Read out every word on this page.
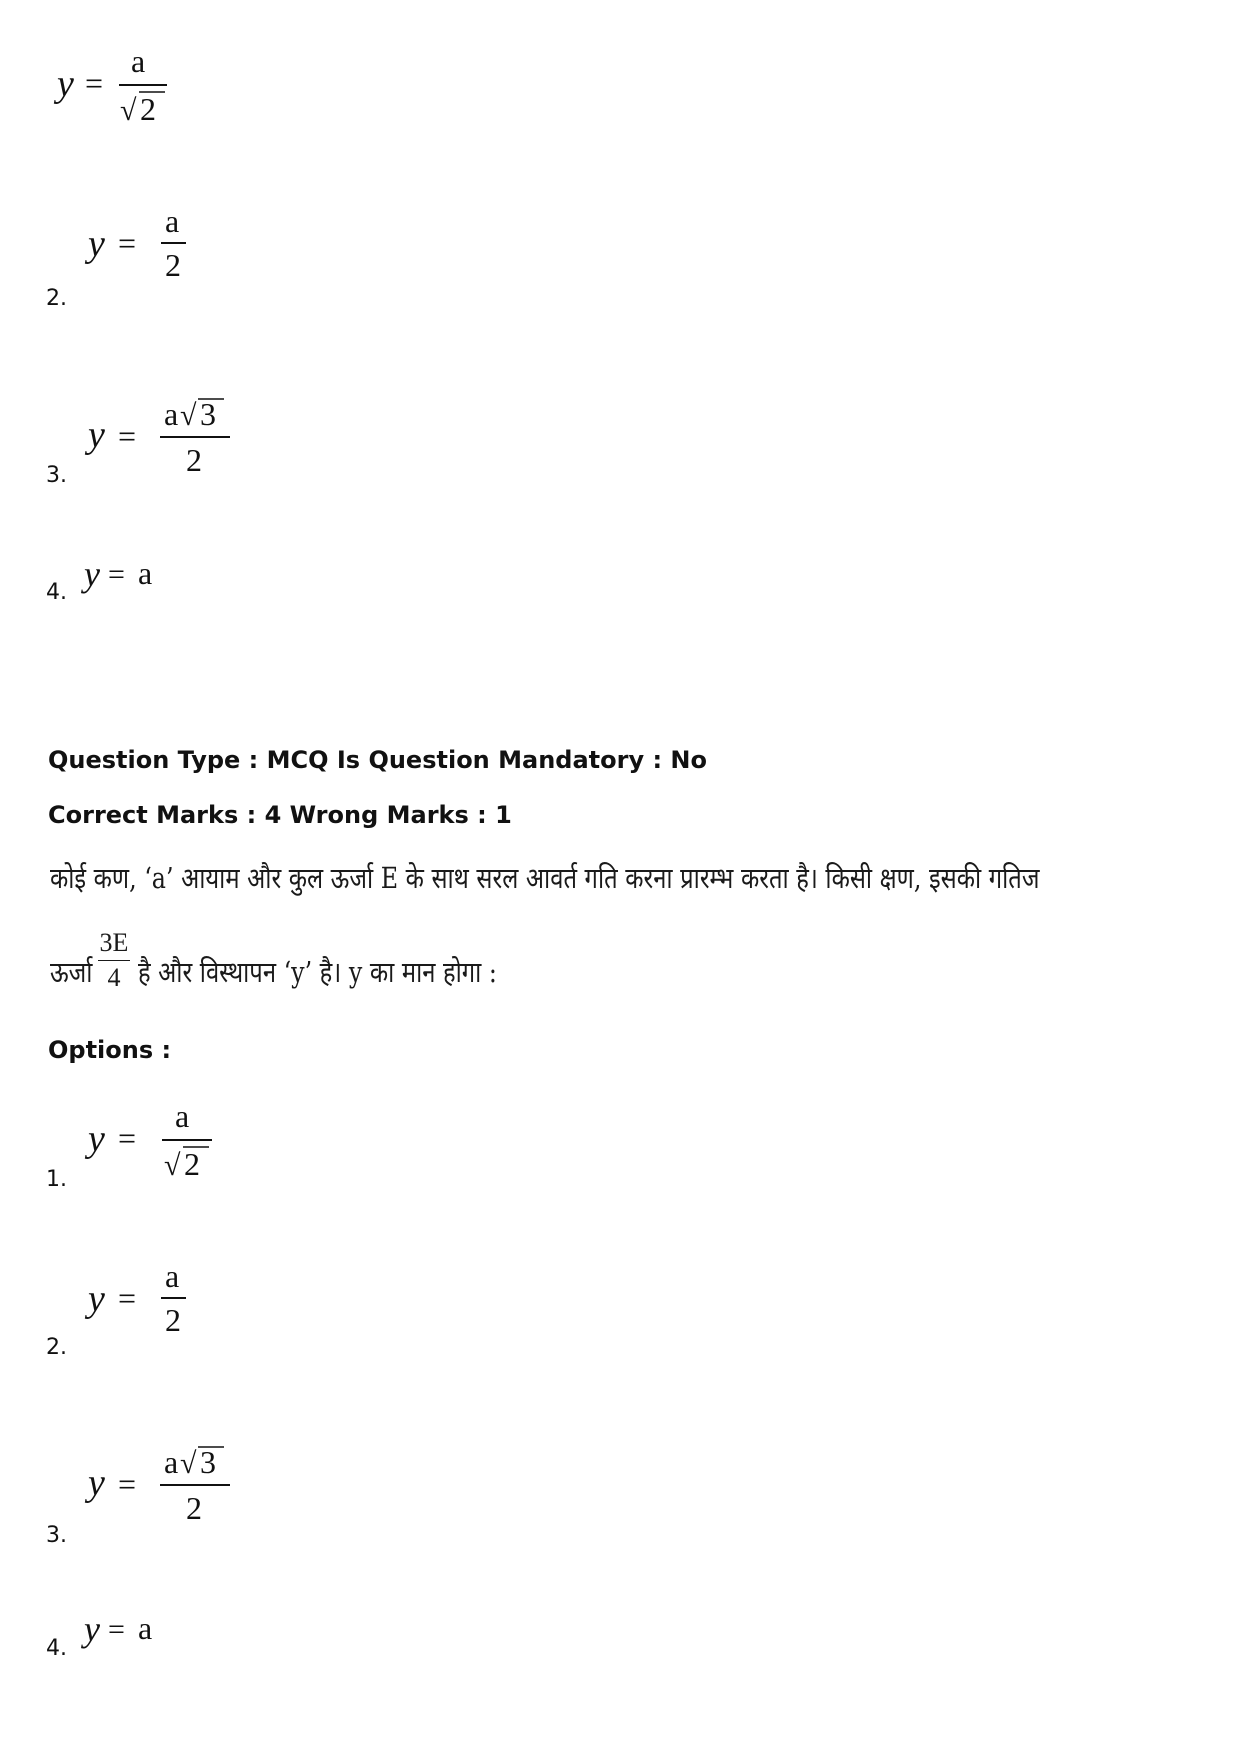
y =
a
√ 2
2.
y =
a
2
3.
y =
a √ 3
2
4. y = a
Question Type : MCQ Is Question Mandatory : No
Correct Marks : 4 Wrong Marks : 1
कोई कण, ‘a’ आयाम और कुल ऊर्जा E के साथ सरल आवर्त गति करना प्रारम्भ करता है। किसी क्षण, इसकी गतिज
ऊर्जा
3E
4 है और विस्थापन ‘y’ है। y का मान होगा :
Options :
1.
y =
a
√ 2
2.
y =
a
2
3.
y =
a √ 3
2
4. y = a
